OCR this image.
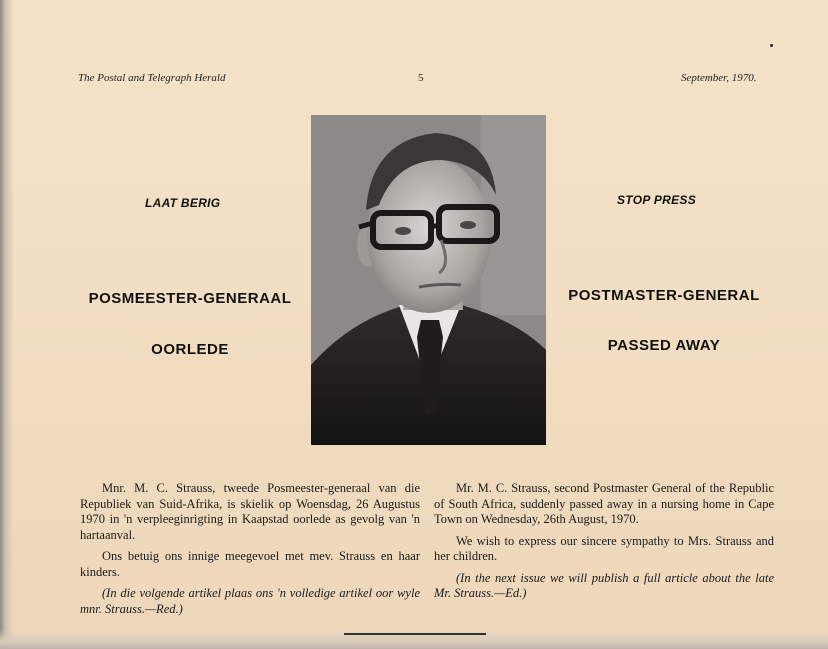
The Postal and Telegraph Herald	5	September, 1970.
LAAT BERIG	STOP PRESS
POSMEESTER-GENERAAL
OORLEDE
POSTMASTER-GENERAL
PASSED AWAY

Mnr. M. C. Strauss, tweede Posmeester-generaal van die Republiek van Suid-Afrika, is skielik op Woensdag, 26 Augustus 1970 in 'n verpleeginrigting in Kaapstad oorlede as gevolg van 'n hartaanval.

Ons betuig ons innige meegevoel met mev. Strauss en haar kinders.

(In die volgende artikel plaas ons 'n volledige artikel oor wyle mnr. Strauss.—Red.)

Mr. M. C. Strauss, second Postmaster General of the Republic of South Africa, suddenly passed away in a nursing home in Cape Town on Wednesday, 26th August, 1970.

We wish to express our sincere sympathy to Mrs. Strauss and her children.

(In the next issue we will publish a full article about the late Mr. Strauss.—Ed.)
